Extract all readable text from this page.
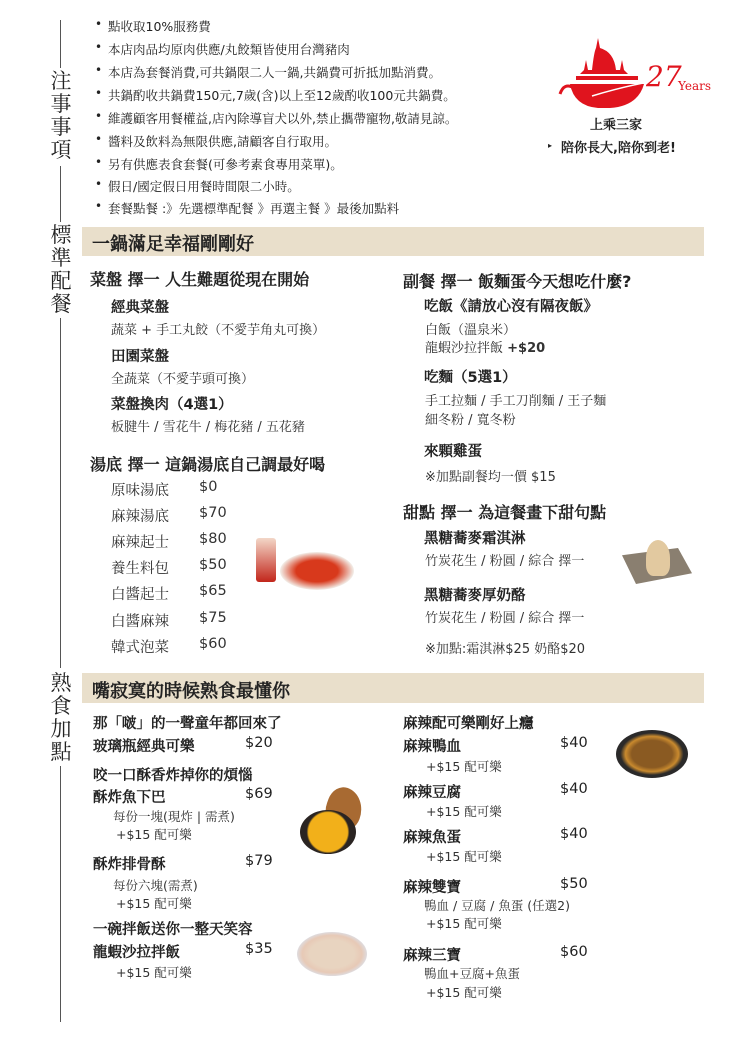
注事事項
標準配餐
熟食加點
• 點收取10%服務費
• 本店肉品均原肉供應/丸餃類皆使用台灣豬肉
• 本店為套餐消費,可共鍋限二人一鍋,共鍋費可折抵加點消費。
• 共鍋酌收共鍋費150元,7歲(含)以上至12歲酌收100元共鍋費。
• 維護顧客用餐權益,店內除導盲犬以外,禁止攜帶寵物,敬請見諒。
• 醬料及飲料為無限供應,請顧客自行取用。
• 另有供應表食套餐(可參考素食專用菜單)。
• 假日/國定假日用餐時間限二小時。
• 套餐點餐 :》先選標準配餐 》再選主餐 》最後加點料
27
Years
上乘三家
▸ 陪你長大,陪你到老!
一鍋滿足幸福剛剛好
菜盤 擇一 人生難題從現在開始
經典菜盤
蔬菜 + 手工丸餃（不愛芋角丸可換）
田園菜盤
全蔬菜（不愛芋頭可換）
菜盤換肉（4選1）
板腱牛 / 雪花牛 / 梅花豬 / 五花豬
湯底 擇一 這鍋湯底自己調最好喝
原味湯底 $0
麻辣湯底 $70
麻辣起士 $80
養生料包 $50
白醬起士 $65
白醬麻辣 $75
韓式泡菜 $60
副餐 擇一 飯麵蛋今天想吃什麼?
吃飯《請放心沒有隔夜飯》
白飯（溫泉米）
龍蝦沙拉拌飯 +$20
吃麵（5選1）
手工拉麵 / 手工刀削麵 / 王子麵
細冬粉 / 寬冬粉
來顆雞蛋
※加點副餐均一價 $15
甜點 擇一 為這餐畫下甜句點
黑糖蕎麥霜淇淋
竹炭花生 / 粉圓 / 綜合 擇一
黑糖蕎麥厚奶酪
竹炭花生 / 粉圓 / 綜合 擇一
※加點:霜淇淋$25 奶酪$20
嘴寂寞的時候熟食最懂你
那「啵」的一聲童年都回來了
玻璃瓶經典可樂	$20
咬一口酥香炸掉你的煩惱
酥炸魚下巴	$69
每份一塊(現炸 | 需煮)
+$15 配可樂
酥炸排骨酥	$79
每份六塊(需煮)
+$15 配可樂
一碗拌飯送你一整天笑容
龍蝦沙拉拌飯	$35
+$15 配可樂
麻辣配可樂剛好上癮
麻辣鴨血	$40
+$15 配可樂
麻辣豆腐	$40
+$15 配可樂
麻辣魚蛋	$40
+$15 配可樂
麻辣雙寶	$50
鴨血 / 豆腐 / 魚蛋 (任選2)
+$15 配可樂
麻辣三寶	$60
鴨血+豆腐+魚蛋
+$15 配可樂
